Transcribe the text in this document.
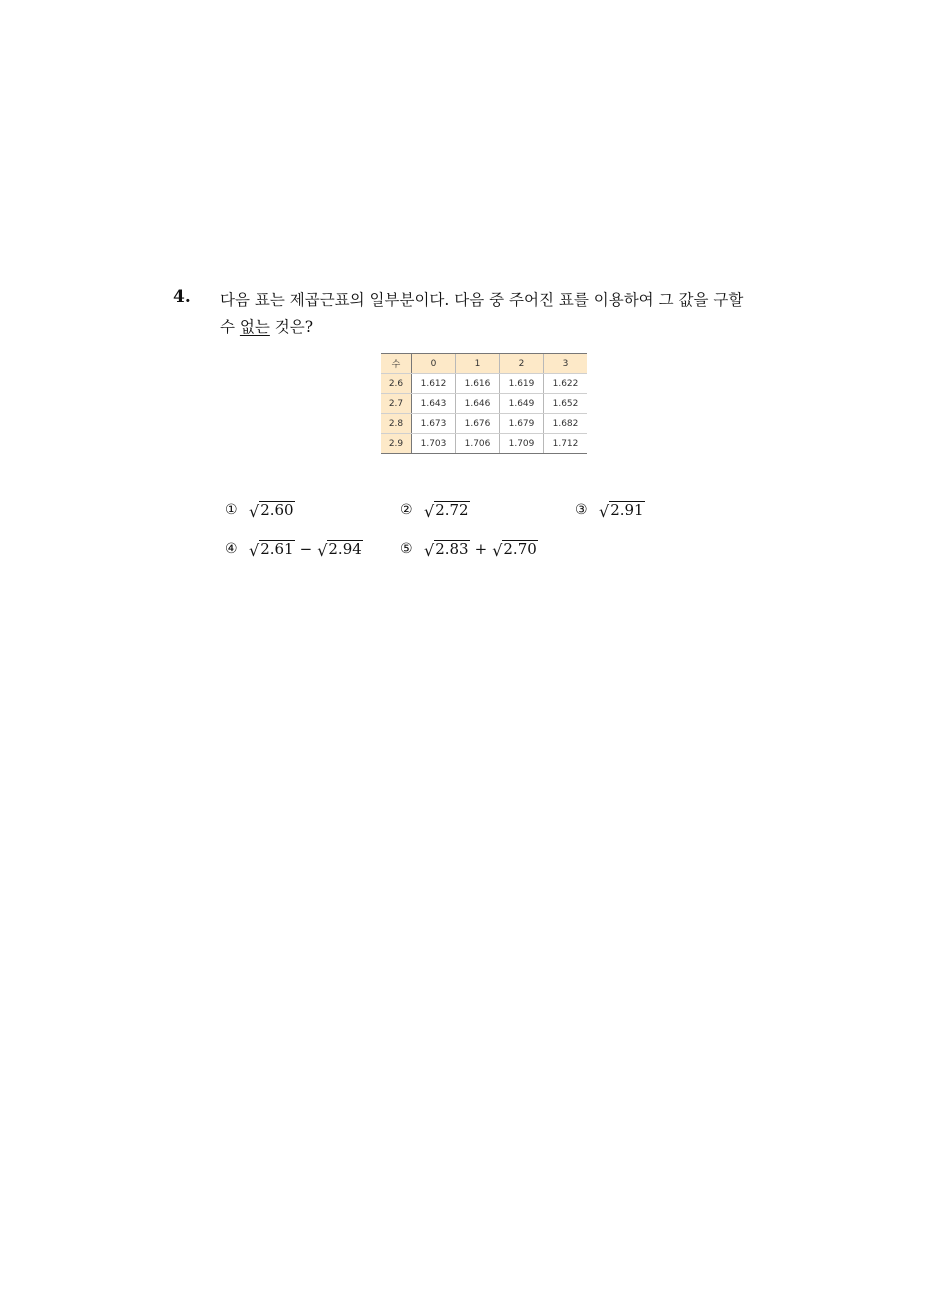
4. 다음 표는 제곱근표의 일부분이다. 다음 중 주어진 표를 이용하여 그 값을 구할
수 없는 것은?
수	0	1	2	3
2.6	1.612	1.616	1.619	1.622
2.7	1.643	1.646	1.649	1.652
2.8	1.673	1.676	1.679	1.682
2.9	1.703	1.706	1.709	1.712
① √ 2.60	② √ 2.72	③ √ 2.91
④ √ 2.61 − √ 2.94	⑤ √ 2.83 + √ 2.70
